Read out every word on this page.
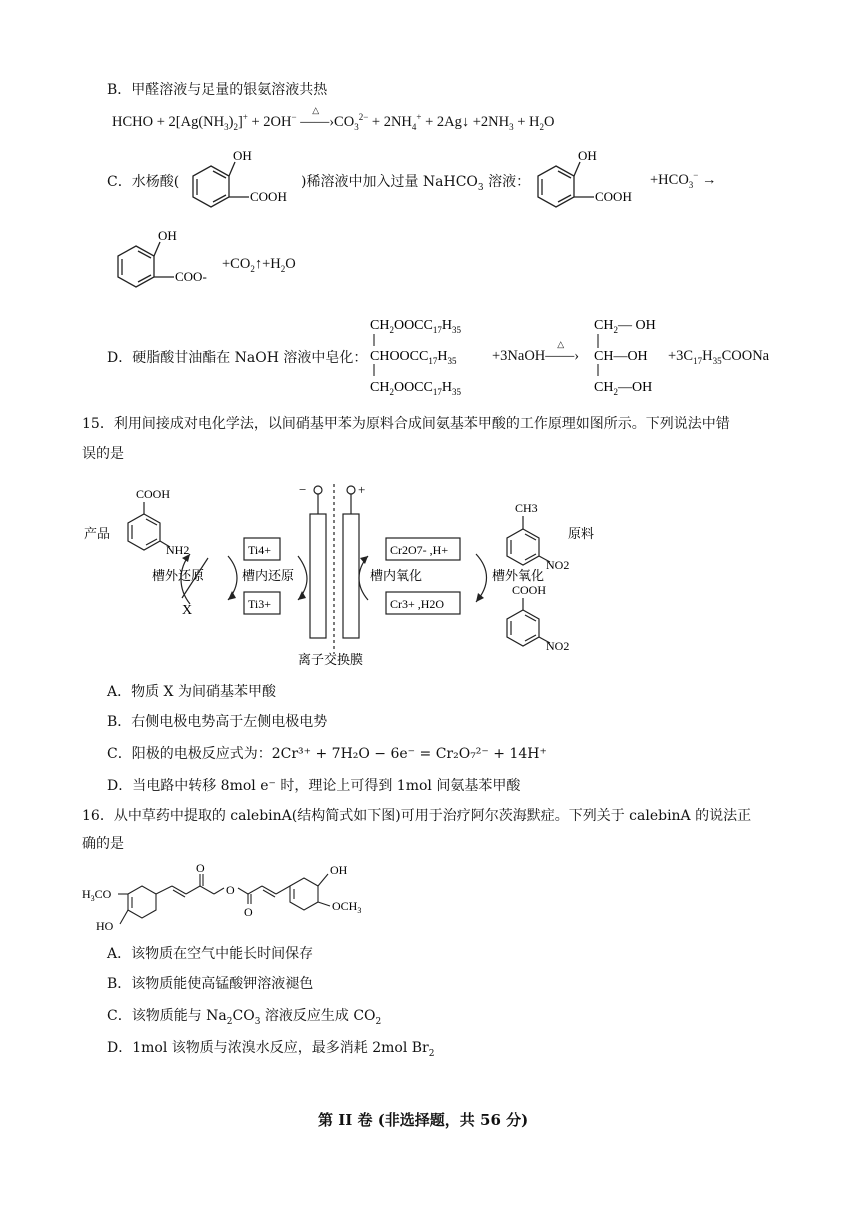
B．甲醛溶液与足量的银氨溶液共热
HCHO + $2[Ag(NH_3)_2]^+ + 2OH^-$ ——›
△
$CO_3^{2-} + 2NH_4^+$ + 2Ag↓ $+2NH_3 + H_2O$
C．水杨酸(
OH
COOH
)稀溶液中加入过量 NaHCO$_3$ 溶液：
OH
COOH
$+HCO_3^-$ →
OH
COO-
$+CO_2↑+H_2O$
D．硬脂酸甘油酯在 NaOH 溶液中皂化：
$CH_2OOCC_{17}H_{35}$
$CHOOCC_{17}H_{35}$
$CH_2OOCC_{17}H_{35}$
+3NaOH——›
△
$CH_2—$ OH
CH—OH
$CH_2—OH$
$+3C_{17}H_{35}COONa$
15．利用间接成对电化学法，以间硝基甲苯为原料合成间氨基苯甲酸的工作原理如图所示。下列说法中错
误的是
COOH
NH2
CH3
NO2
COOH
NO2
产品	原料
Ti4+
Ti3+
Cr2O7- ,H+
Cr3+ ,H2O
槽外还原	槽内还原	槽内氧化	槽外氧化
X
离子交换膜
−	+
A．物质 X 为间硝基苯甲酸
B．右侧电极电势高于左侧电极电势
C．阳极的电极反应式为：2Cr³⁺ + 7H₂O − 6e⁻ = Cr₂O₇²⁻ + 14H⁺
D．当电路中转移 8mol e⁻ 时，理论上可得到 1mol 间氨基苯甲酸
16．从中草药中提取的 calebinA(结构简式如下图)可用于治疗阿尔茨海默症。下列关于 calebinA 的说法正
确的是
$H_3CO$
HO
O
O
O
OH
$OCH_3$
A．该物质在空气中能长时间保存
B．该物质能使高锰酸钾溶液褪色
C．该物质能与 $Na_2CO_3$ 溶液反应生成 $CO_2$
D．1mol 该物质与浓溴水反应，最多消耗 2mol $Br_2$
第 II 卷 (非选择题，共 56 分)
